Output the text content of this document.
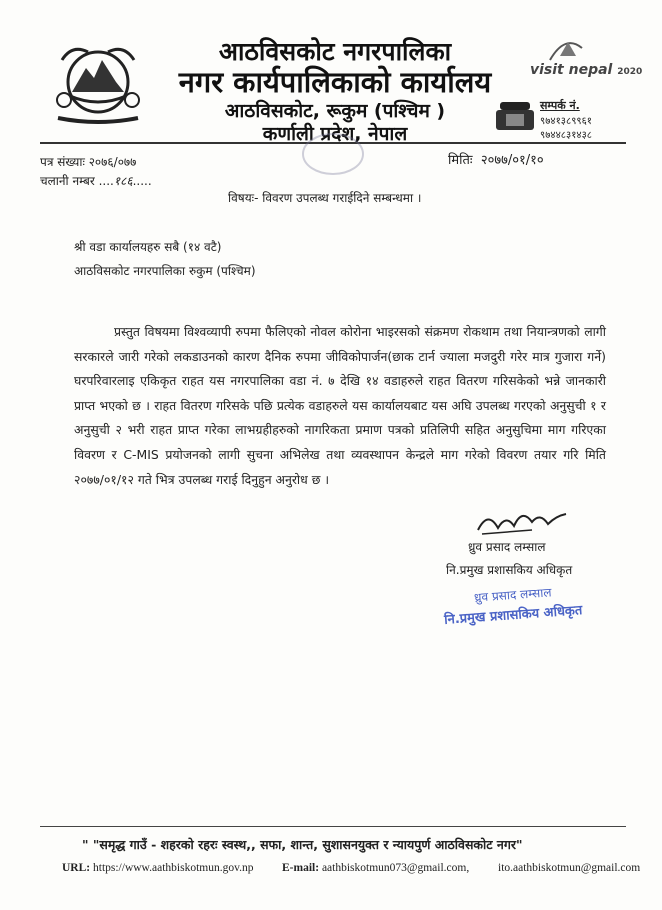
आठविसकोट नगरपालिका
नगर कार्यपालिकाको कार्यालय
आठविसकोट, रूकुम (पश्चिम )
कर्णाली प्रदेश, नेपाल
visit nepal 2020
सम्पर्क नं.
९७४१३८९९६१
९७४४८३१४३८
पत्र संख्याः २०७६/०७७
चलानी नम्बर ....१८६.....
मितिः २०७७/०१/१०
विषयः- विवरण उपलब्ध गराईदिने सम्बन्धमा ।
श्री वडा कार्यालयहरु सबै (१४ वटै)
आठविसकोट नगरपालिका रुकुम (पश्चिम)
प्रस्तुत विषयमा विश्वव्यापी रुपमा फैलिएको नोवल कोरोना भाइरसको संक्रमण रोकथाम तथा नियान्त्रणको लागी सरकारले जारी गरेको लकडाउनको कारण दैनिक रुपमा जीविकोपार्जन(छाक टार्न ज्याला मजदुरी गरेर मात्र गुजारा गर्ने) घरपरिवारलाइ एकिकृत राहत यस नगरपालिका वडा नं. ७ देखि १४ वडाहरुले राहत वितरण गरिसकेको भन्ने जानकारी प्राप्त भएको छ । राहत वितरण गरिसके पछि प्रत्येक वडाहरुले यस कार्यालयबाट यस अघि उपलब्ध गरएको अनुसुची १ र अनुसुची २ भरी राहत प्राप्त गरेका लाभग्रहीहरुको नागरिकता प्रमाण पत्रको प्रतिलिपी सहित अनुसुचिमा माग गरिएका विवरण र C-MIS प्रयोजनको लागी सुचना अभिलेख तथा व्यवस्थापन केन्द्रले माग गरेको विवरण तयार गरि मिति २०७७/०१/१२ गते भित्र उपलब्ध गराई दिनुहुन अनुरोध छ ।
ध्रुव प्रसाद लम्साल
नि.प्रमुख प्रशासकिय अधिकृत
ध्रुव प्रसाद लम्साल
नि.प्रमुख प्रशासकिय अधिकृत
" "समृद्ध गाउँ - शहरको रहरः स्वस्थ,, सफा, शान्त, सुशासनयुक्त र न्यायपुर्ण आठविसकोट नगर"
URL: https://www.aathbiskotmun.gov.np E-mail: aathbiskotmun073@gmail.com,	ito.aathbiskotmun@gmail.com
